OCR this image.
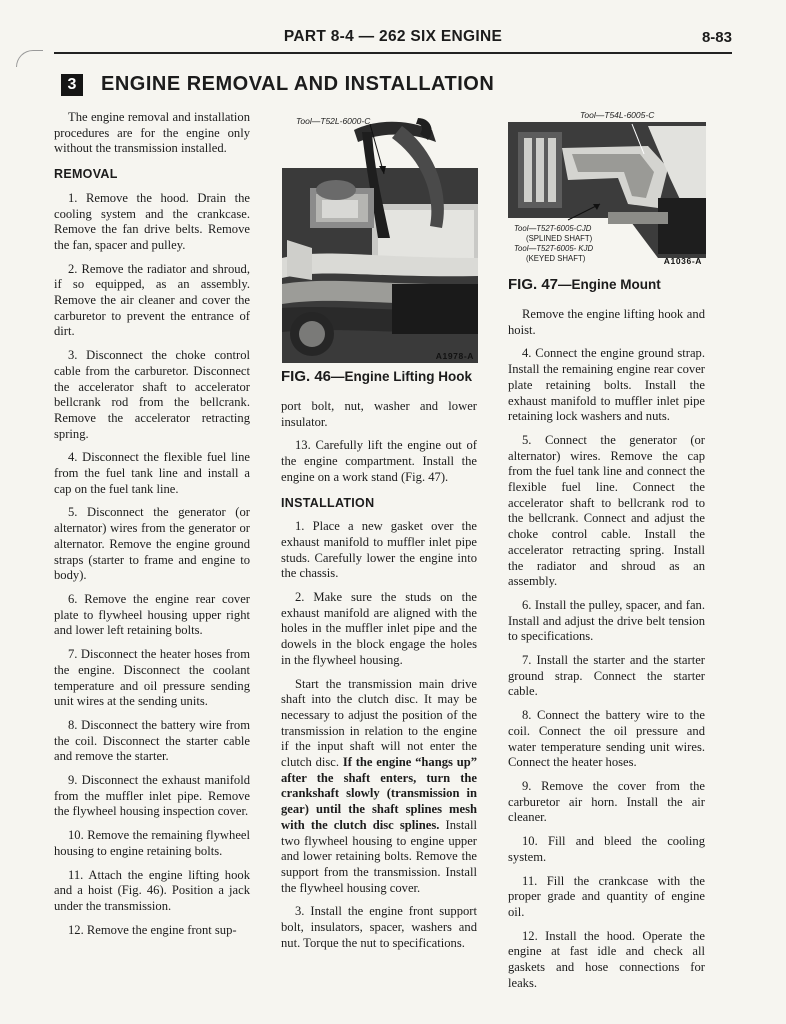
PART 8-4 — 262 SIX ENGINE	8-83
3	ENGINE REMOVAL AND INSTALLATION

The engine removal and installation procedures are for the engine only without the transmission installed.

REMOVAL

1. Remove the hood. Drain the cooling system and the crankcase. Remove the fan drive belts. Remove the fan, spacer and pulley.

2. Remove the radiator and shroud, if so equipped, as an assembly. Remove the air cleaner and cover the carburetor to prevent the entrance of dirt.

3. Disconnect the choke control cable from the carburetor. Disconnect the accelerator shaft to accelerator bellcrank rod from the bellcrank. Remove the accelerator retracting spring.

4. Disconnect the flexible fuel line from the fuel tank line and install a cap on the fuel tank line.

5. Disconnect the generator (or alternator) wires from the generator or alternator. Remove the engine ground straps (starter to frame and engine to body).

6. Remove the engine rear cover plate to flywheel housing upper right and lower left retaining bolts.

7. Disconnect the heater hoses from the engine. Disconnect the coolant temperature and oil pressure sending unit wires at the sending units.

8. Disconnect the battery wire from the coil. Disconnect the starter cable and remove the starter.

9. Disconnect the exhaust manifold from the muffler inlet pipe. Remove the flywheel housing inspection cover.

10. Remove the remaining flywheel housing to engine retaining bolts.

11. Attach the engine lifting hook and a hoist (Fig. 46). Position a jack under the transmission.

12. Remove the engine front sup-

Tool—T52L-6000-C
A1978-A
FIG. 46—Engine Lifting Hook

port bolt, nut, washer and lower insulator.

13. Carefully lift the engine out of the engine compartment. Install the engine on a work stand (Fig. 47).

INSTALLATION

1. Place a new gasket over the exhaust manifold to muffler inlet pipe studs. Carefully lower the engine into the chassis.

2. Make sure the studs on the exhaust manifold are aligned with the holes in the muffler inlet pipe and the dowels in the block engage the holes in the flywheel housing.

Start the transmission main drive shaft into the clutch disc. It may be necessary to adjust the position of the transmission in relation to the engine if the input shaft will not enter the clutch disc. If the engine “hangs up” after the shaft enters, turn the crankshaft slowly (transmission in gear) until the shaft splines mesh with the clutch disc splines. Install two flywheel housing to engine upper and lower retaining bolts. Remove the support from the transmission. Install the flywheel housing cover.

3. Install the engine front support bolt, insulators, spacer, washers and nut. Torque the nut to specifications.

Tool—T54L-6005-C
Tool—T52T-6005-CJD
(SPLINED SHAFT)
Tool—T52T-6005- KJD
(KEYED SHAFT)	A1036-A
FIG. 47—Engine Mount

Remove the engine lifting hook and hoist.

4. Connect the engine ground strap. Install the remaining engine rear cover plate retaining bolts. Install the exhaust manifold to muffler inlet pipe retaining lock washers and nuts.

5. Connect the generator (or alternator) wires. Remove the cap from the fuel tank line and connect the flexible fuel line. Connect the accelerator shaft to bellcrank rod to the bellcrank. Connect and adjust the choke control cable. Install the accelerator retracting spring. Install the radiator and shroud as an assembly.

6. Install the pulley, spacer, and fan. Install and adjust the drive belt tension to specifications.

7. Install the starter and the starter ground strap. Connect the starter cable.

8. Connect the battery wire to the coil. Connect the oil pressure and water temperature sending unit wires. Connect the heater hoses.

9. Remove the cover from the carburetor air horn. Install the air cleaner.

10. Fill and bleed the cooling system.

11. Fill the crankcase with the proper grade and quantity of engine oil.

12. Install the hood. Operate the engine at fast idle and check all gaskets and hose connections for leaks.
